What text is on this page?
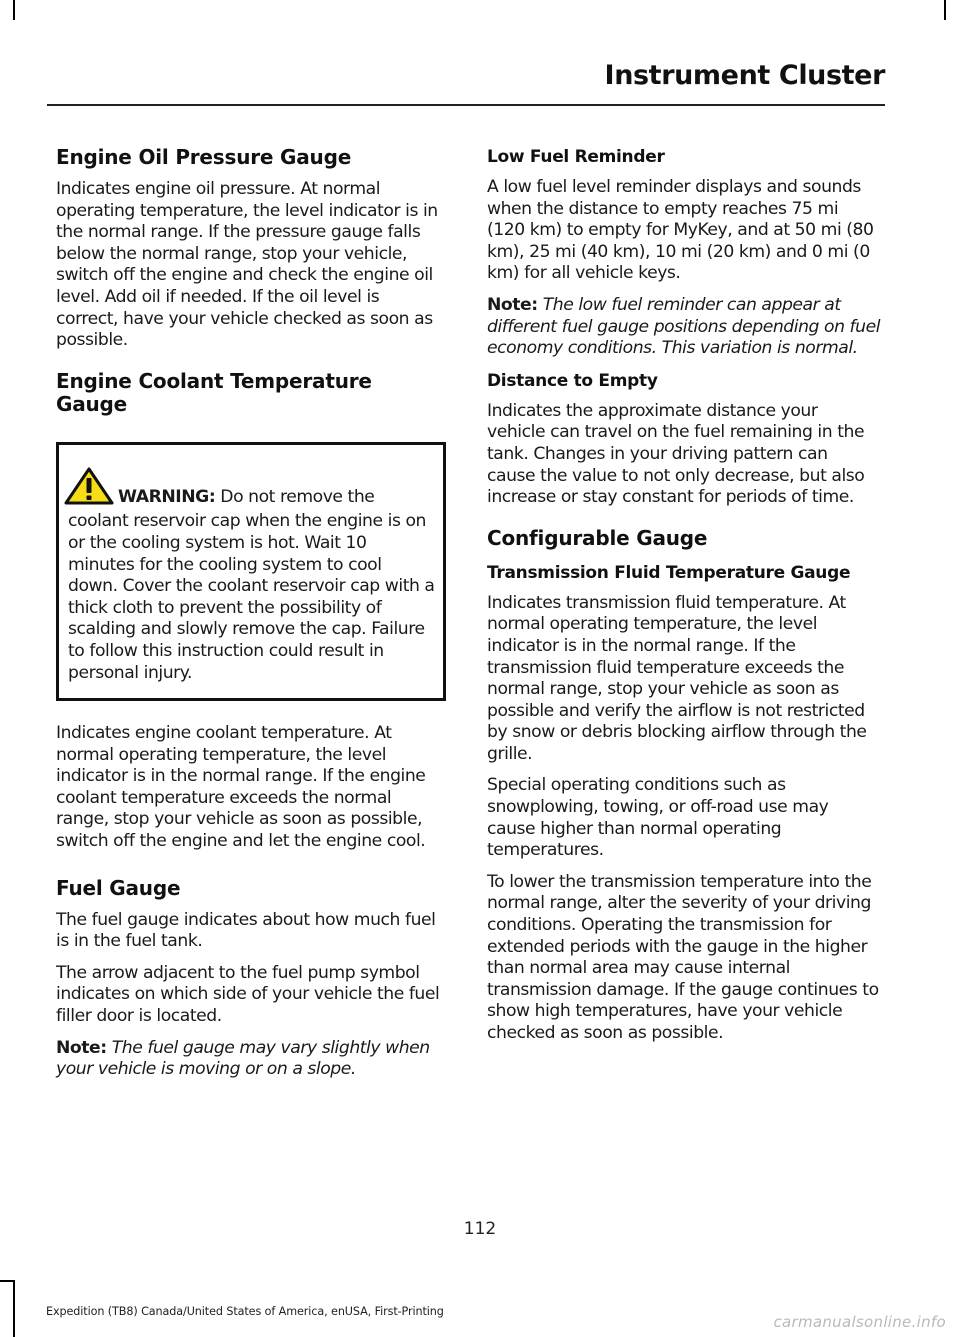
Instrument Cluster
Engine Oil Pressure Gauge

Indicates engine oil pressure. At normal operating temperature, the level indicator is in the normal range. If the pressure gauge falls below the normal range, stop your vehicle, switch off the engine and check the engine oil level. Add oil if needed. If the oil level is correct, have your vehicle checked as soon as possible.

Engine Coolant Temperature Gauge

WARNING: Do not remove the coolant reservoir cap when the engine is on or the cooling system is hot. Wait 10 minutes for the cooling system to cool down. Cover the coolant reservoir cap with a thick cloth to prevent the possibility of scalding and slowly remove the cap. Failure to follow this instruction could result in personal injury.

Indicates engine coolant temperature. At normal operating temperature, the level indicator is in the normal range. If the engine coolant temperature exceeds the normal range, stop your vehicle as soon as possible, switch off the engine and let the engine cool.

Fuel Gauge

The fuel gauge indicates about how much fuel is in the fuel tank.

The arrow adjacent to the fuel pump symbol indicates on which side of your vehicle the fuel filler door is located.

Note: The fuel gauge may vary slightly when your vehicle is moving or on a slope.

Low Fuel Reminder

A low fuel level reminder displays and sounds when the distance to empty reaches 75 mi (120 km) to empty for MyKey, and at 50 mi (80 km), 25 mi (40 km), 10 mi (20 km) and 0 mi (0 km) for all vehicle keys.

Note: The low fuel reminder can appear at different fuel gauge positions depending on fuel economy conditions. This variation is normal.

Distance to Empty

Indicates the approximate distance your vehicle can travel on the fuel remaining in the tank. Changes in your driving pattern can cause the value to not only decrease, but also increase or stay constant for periods of time.

Configurable Gauge
Transmission Fluid Temperature Gauge

Indicates transmission fluid temperature. At normal operating temperature, the level indicator is in the normal range. If the transmission fluid temperature exceeds the normal range, stop your vehicle as soon as possible and verify the airflow is not restricted by snow or debris blocking airflow through the grille.

Special operating conditions such as snowplowing, towing, or off-road use may cause higher than normal operating temperatures.

To lower the transmission temperature into the normal range, alter the severity of your driving conditions. Operating the transmission for extended periods with the gauge in the higher than normal area may cause internal transmission damage. If the gauge continues to show high temperatures, have your vehicle checked as soon as possible.

112
Expedition (TB8) Canada/United States of America, enUSA, First-Printing
carmanualsonline.info
